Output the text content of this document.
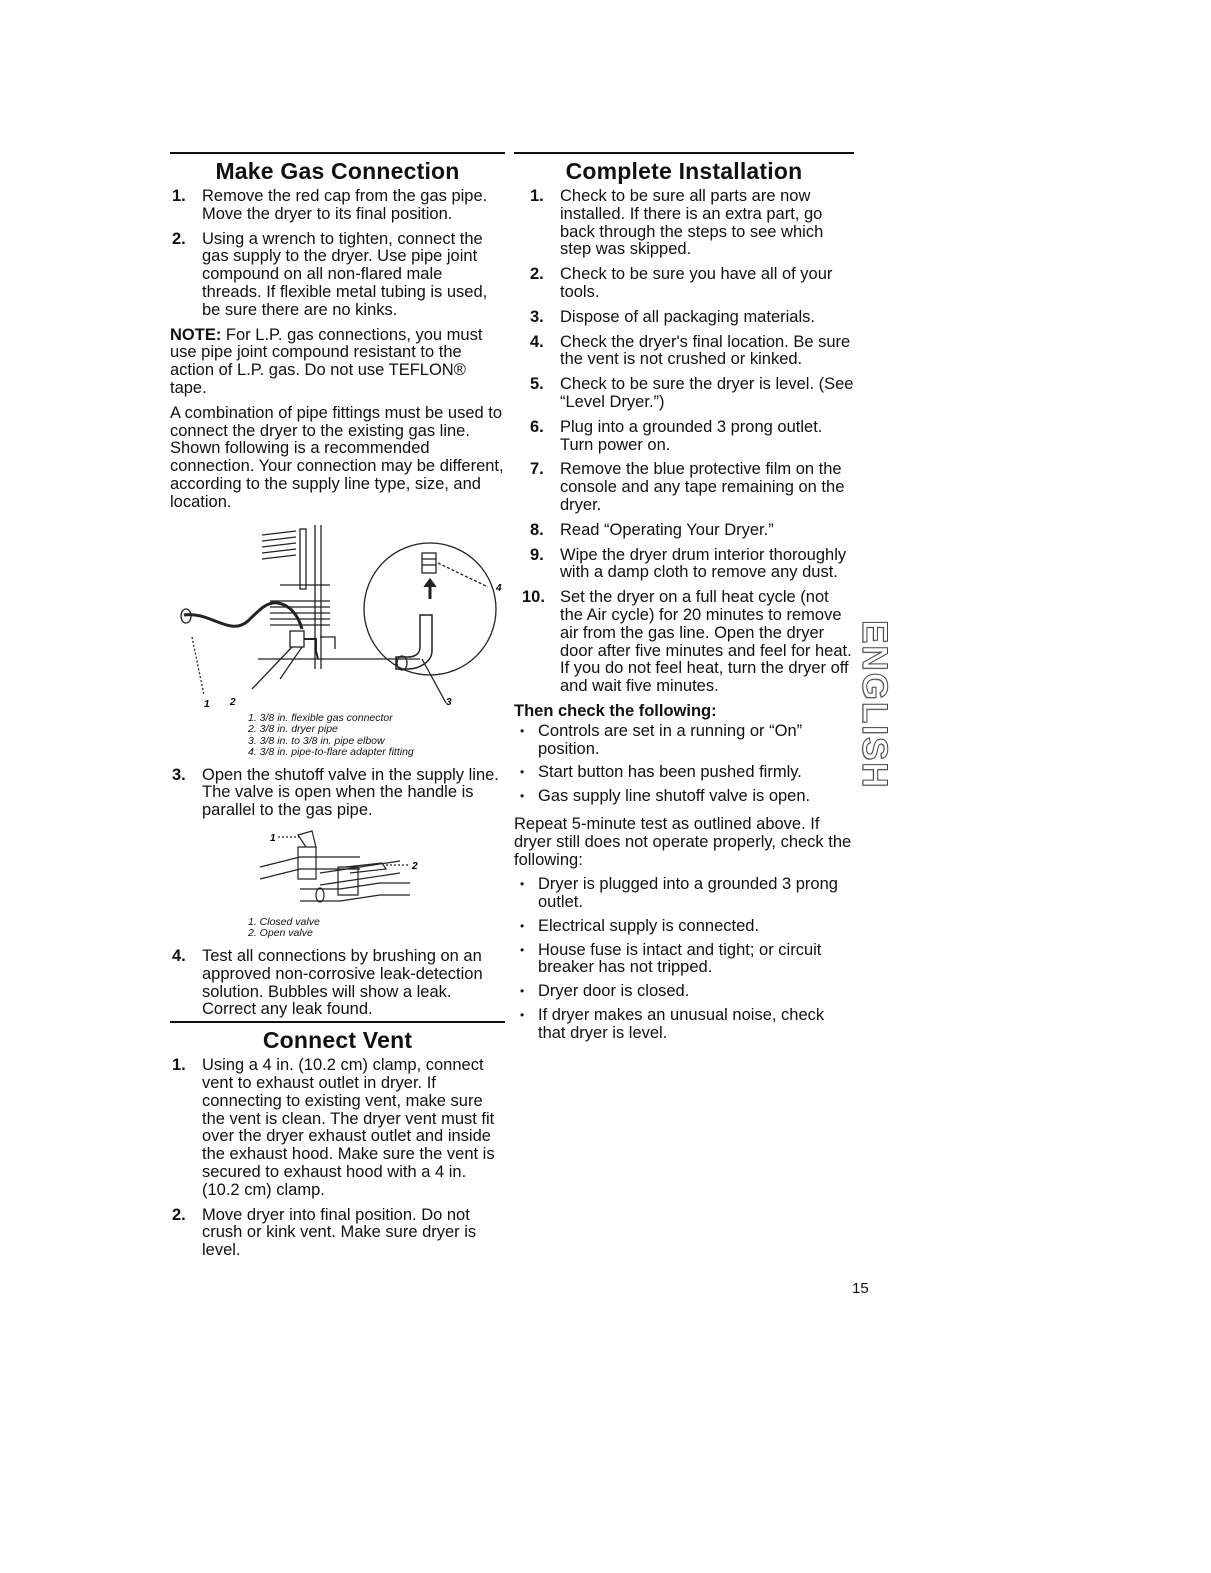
Make Gas Connection
1. Remove the red cap from the gas pipe. Move the dryer to its final position.
2. Using a wrench to tighten, connect the gas supply to the dryer. Use pipe joint compound on all non-flared male threads. If flexible metal tubing is used, be sure there are no kinks.

NOTE: For L.P. gas connections, you must use pipe joint compound resistant to the action of L.P. gas. Do not use TEFLON® tape.

A combination of pipe fittings must be used to connect the dryer to the existing gas line. Shown following is a recommended connection. Your connection may be different, according to the supply line type, size, and location.

1 2	3
4
1. 3/8 in. flexible gas connector
2. 3/8 in. dryer pipe
3. 3/8 in. to 3/8 in. pipe elbow
4. 3/8 in. pipe-to-flare adapter fitting
3. Open the shutoff valve in the supply line. The valve is open when the handle is parallel to the gas pipe.
1
2
1. Closed valve
2. Open valve
4. Test all connections by brushing on an approved non-corrosive leak-detection solution. Bubbles will show a leak. Correct any leak found.
Connect Vent
1. Using a 4 in. (10.2 cm) clamp, connect vent to exhaust outlet in dryer. If connecting to existing vent, make sure the vent is clean. The dryer vent must fit over the dryer exhaust outlet and inside the exhaust hood. Make sure the vent is secured to exhaust hood with a 4 in. (10.2 cm) clamp.
2. Move dryer into final position. Do not crush or kink vent. Make sure dryer is level.
Complete Installation
1. Check to be sure all parts are now installed. If there is an extra part, go back through the steps to see which step was skipped.
2. Check to be sure you have all of your tools.
3. Dispose of all packaging materials.
4. Check the dryer's final location. Be sure the vent is not crushed or kinked.
5. Check to be sure the dryer is level. (See “Level Dryer.”)
6. Plug into a grounded 3 prong outlet. Turn power on.
7. Remove the blue protective film on the console and any tape remaining on the dryer.
8. Read “Operating Your Dryer.”
9. Wipe the dryer drum interior thoroughly with a damp cloth to remove any dust.
10. Set the dryer on a full heat cycle (not the Air cycle) for 20 minutes to remove air from the gas line. Open the dryer door after five minutes and feel for heat. If you do not feel heat, turn the dryer off and wait five minutes.

Then check the following:

• Controls are set in a running or “On” position.
• Start button has been pushed firmly.
• Gas supply line shutoff valve is open.

Repeat 5-minute test as outlined above. If dryer still does not operate properly, check the following:

• Dryer is plugged into a grounded 3 prong outlet.
• Electrical supply is connected.
• House fuse is intact and tight; or circuit breaker has not tripped.
• Dryer door is closed.
• If dryer makes an unusual noise, check that dryer is level.
ENGLISH
15
